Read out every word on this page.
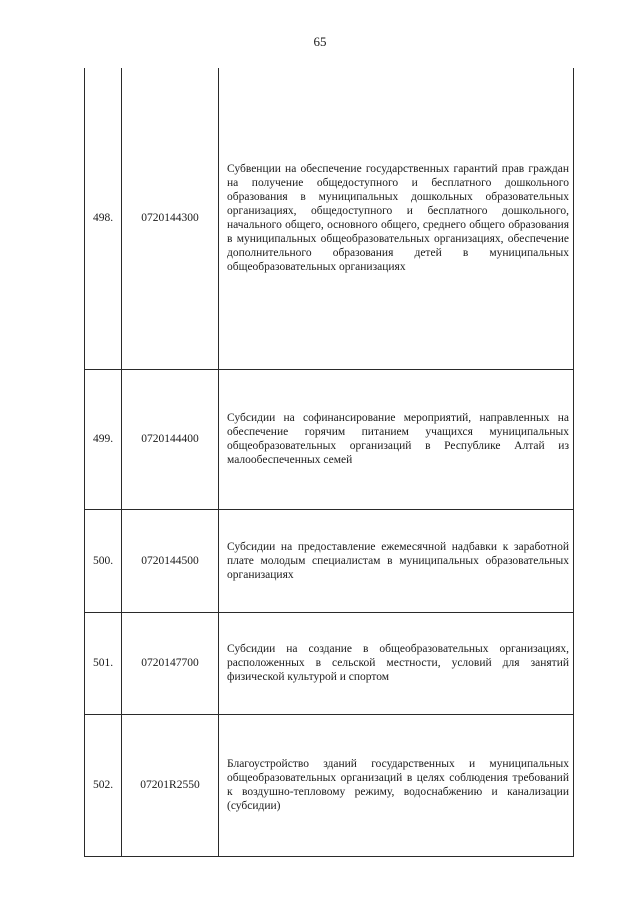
65
498.	0720144300	Субвенции на обеспечение государственных гарантий прав граждан на получение общедоступного и бесплатного дошкольного образования в муниципальных дошкольных образовательных организациях, общедоступного и бесплатного дошкольного, начального общего, основного общего, среднего общего образования в муниципальных общеобразовательных организациях, обеспечение дополнительного образования детей в муниципальных общеобразовательных организациях
499.	0720144400	Субсидии на софинансирование мероприятий, направленных на обеспечение горячим питанием учащихся муниципальных общеобразовательных организаций в Республике Алтай из малообеспеченных семей
500.	0720144500	Субсидии на предоставление ежемесячной надбавки к заработной плате молодым специалистам в муниципальных образовательных организациях
501.	0720147700	Субсидии на создание в общеобразовательных организациях, расположенных в сельской местности, условий для занятий физической культурой и спортом
502.	07201R2550	Благоустройство зданий государственных и муниципальных общеобразовательных организаций в целях соблюдения требований к воздушно-тепловому режиму, водоснабжению и канализации (субсидии)
